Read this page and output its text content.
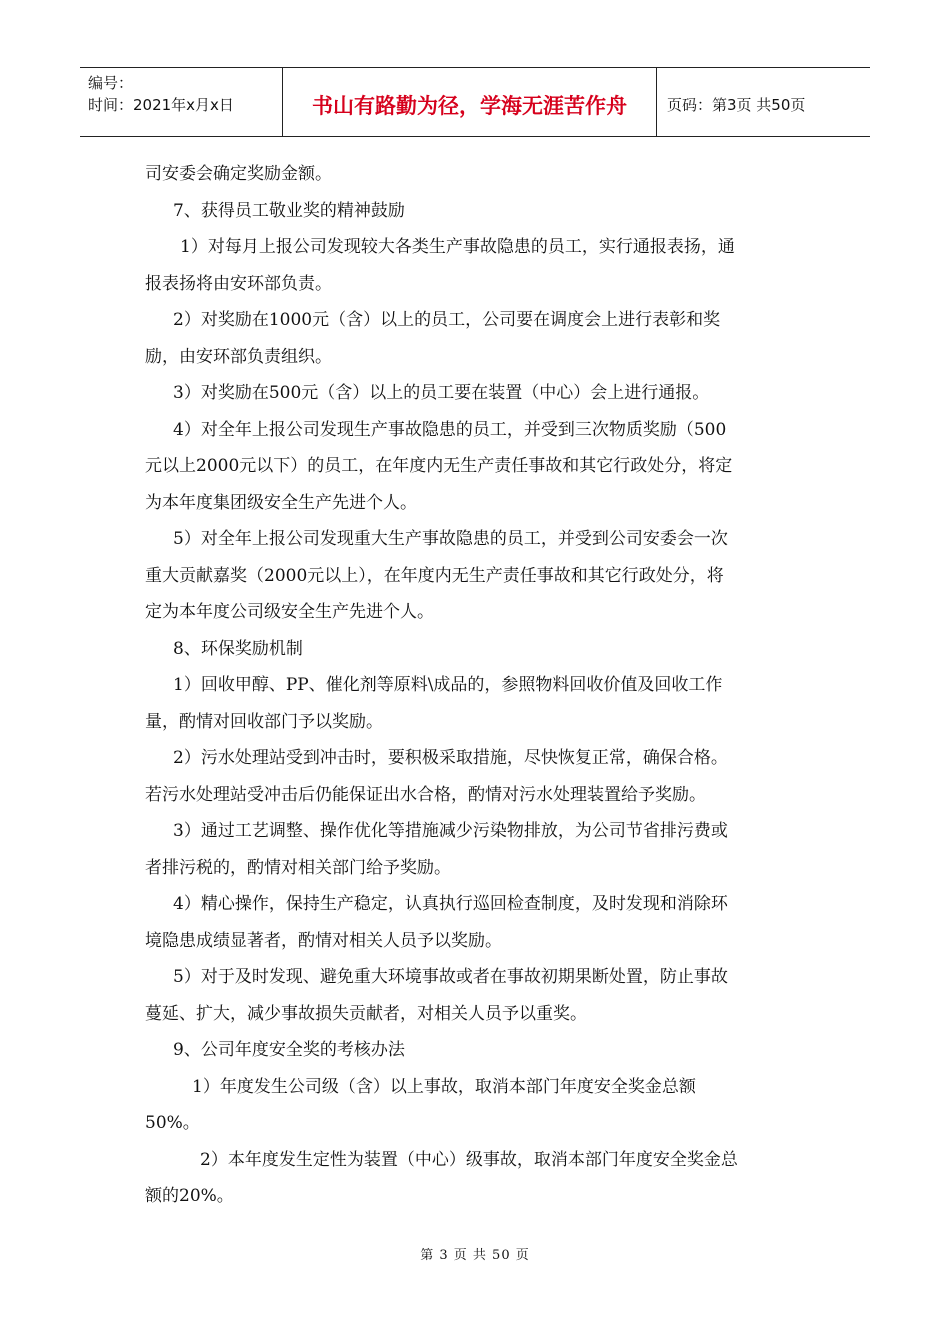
编号：
时间：2021年x月x日	书山有路勤为径，学海无涯苦作舟	页码：第3页 共50页

司安委会确定奖励金额。

7、获得员工敬业奖的精神鼓励

1）对每月上报公司发现较大各类生产事故隐患的员工，实行通报表扬，通

报表扬将由安环部负责。

2）对奖励在1000元（含）以上的员工，公司要在调度会上进行表彰和奖

励，由安环部负责组织。

3）对奖励在500元（含）以上的员工要在装置（中心）会上进行通报。

4）对全年上报公司发现生产事故隐患的员工，并受到三次物质奖励（500

元以上2000元以下）的员工，在年度内无生产责任事故和其它行政处分，将定

为本年度集团级安全生产先进个人。

5）对全年上报公司发现重大生产事故隐患的员工，并受到公司安委会一次

重大贡献嘉奖（2000元以上），在年度内无生产责任事故和其它行政处分，将

定为本年度公司级安全生产先进个人。

8、环保奖励机制

1）回收甲醇、PP、催化剂等原料\成品的，参照物料回收价值及回收工作

量，酌情对回收部门予以奖励。

2）污水处理站受到冲击时，要积极采取措施，尽快恢复正常，确保合格。

若污水处理站受冲击后仍能保证出水合格，酌情对污水处理装置给予奖励。

3）通过工艺调整、操作优化等措施减少污染物排放，为公司节省排污费或

者排污税的，酌情对相关部门给予奖励。

4）精心操作，保持生产稳定，认真执行巡回检查制度，及时发现和消除环

境隐患成绩显著者，酌情对相关人员予以奖励。

5）对于及时发现、避免重大环境事故或者在事故初期果断处置，防止事故

蔓延、扩大，减少事故损失贡献者，对相关人员予以重奖。

9、公司年度安全奖的考核办法

1）年度发生公司级（含）以上事故，取消本部门年度安全奖金总额

50%。

2）本年度发生定性为装置（中心）级事故，取消本部门年度安全奖金总

额的20%。

第 3 页 共 50 页
